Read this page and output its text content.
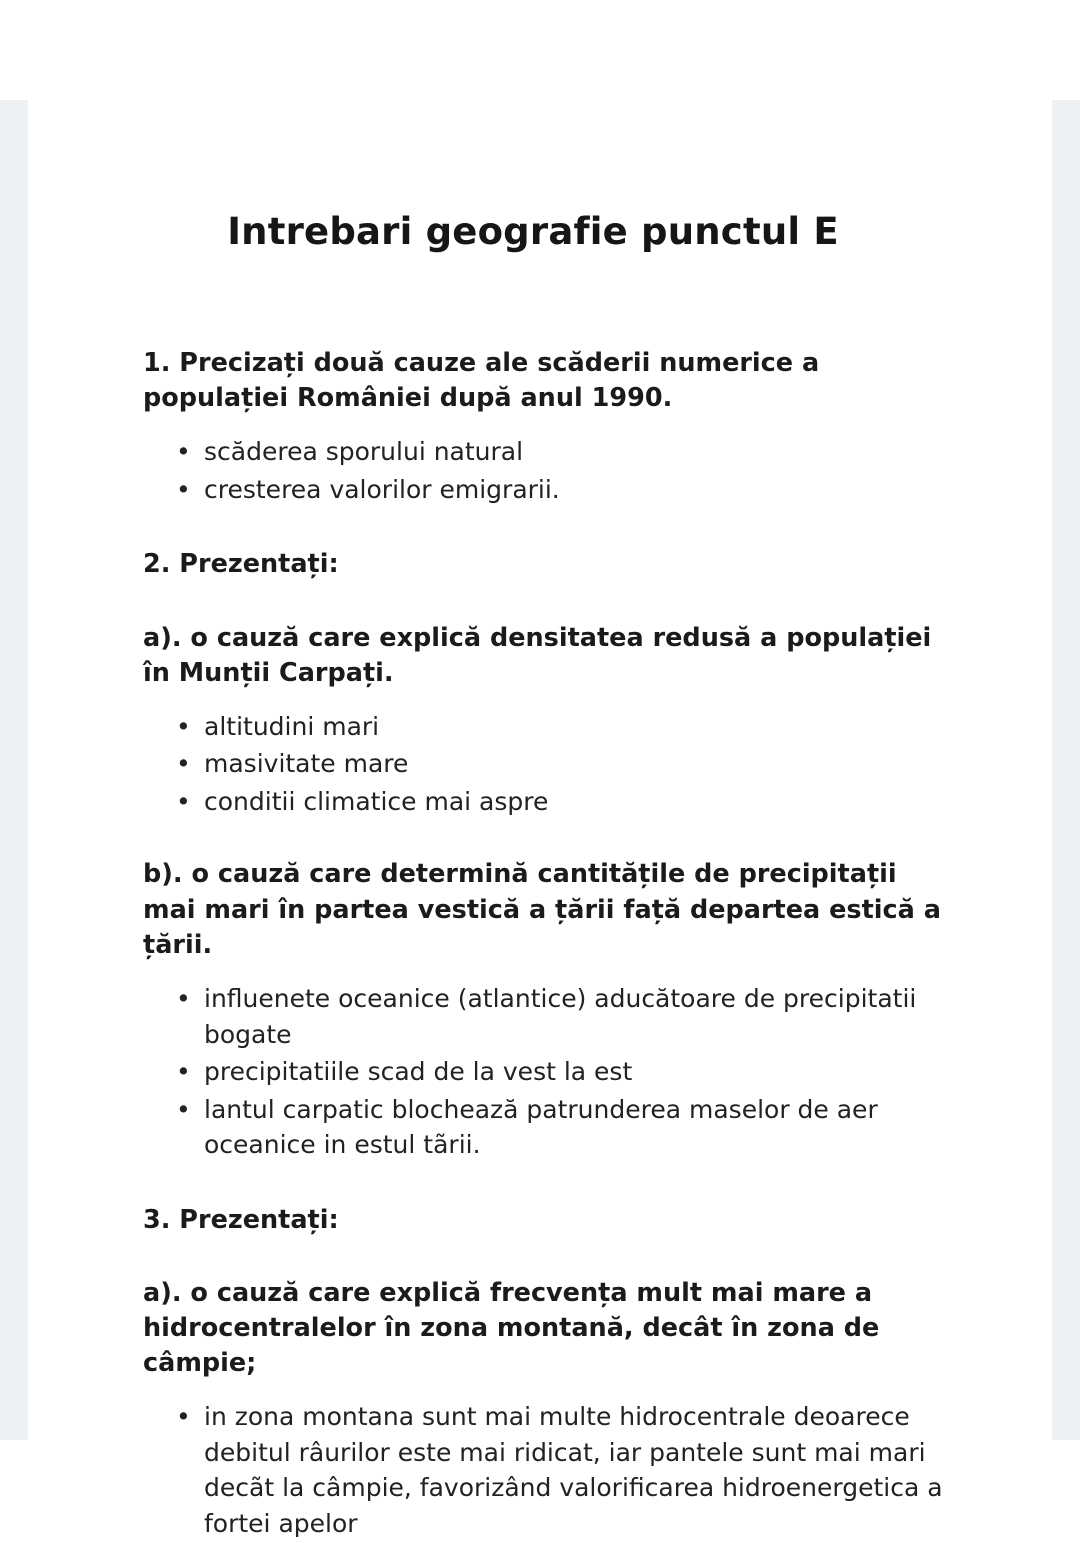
Intrebari geografie punctul E

1. Precizați două cauze ale scăderii numerice a populației României după anul 1990.

• scăderea sporului natural
• cresterea valorilor emigrarii.

2. Prezentați:

a). o cauză care explică densitatea redusă a populației în Munții Carpați.

• altitudini mari
• masivitate mare
• conditii climatice mai aspre

b). o cauză care determină cantitățile de precipitații mai mari în partea vestică a țării față departea estică a țării.

• influenete oceanice (atlantice) aducătoare de precipitatii bogate
• precipitatiile scad de la vest la est
• lantul carpatic blochează patrunderea maselor de aer oceanice in estul tãrii.

3. Prezentați:

a). o cauză care explică frecvența mult mai mare a hidrocentralelor în zona montană, decât în zona de câmpie;

• in zona montana sunt mai multe hidrocentrale deoarece debitul râurilor este mai ridicat, iar pantele sunt mai mari decãt la câmpie, favorizând valorificarea hidroenergetica a fortei apelor
